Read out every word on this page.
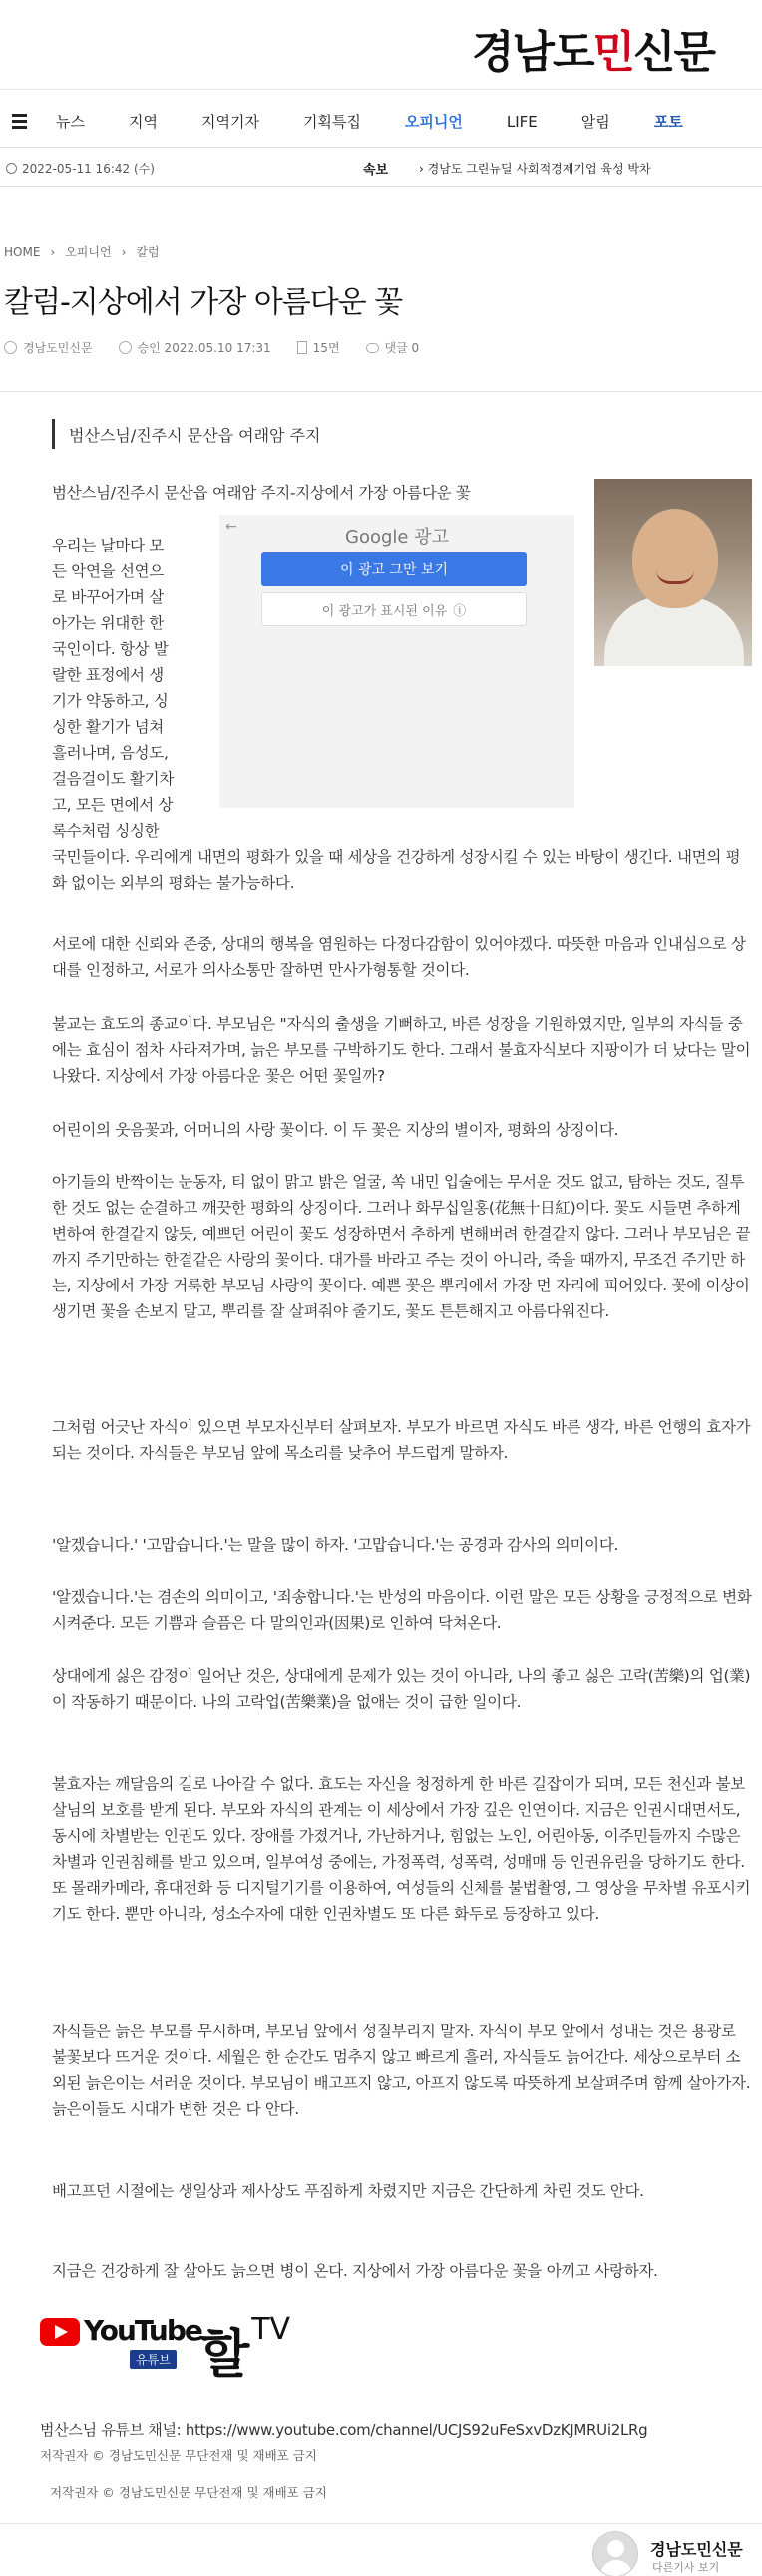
경남도민신문
뉴스	지역	지역기자	기획특집	오피니언	LIFE	알림	포토
2022-05-11 16:42 (수)	속보	› 경남도 그린뉴딜 사회적경제기업 육성 박차
HOME › 오피니언 › 칼럼
칼럼-지상에서 가장 아름다운 꽃
경남도민신문	승인 2022.05.10 17:31	15면	댓글 0
범산스님/진주시 문산읍 여래암 주지
범산스님/진주시 문산읍 여래암 주지-지상에서 가장 아름다운 꽃
우리는 날마다 모
든 악연을 선연으
로 바꾸어가며 살
아가는 위대한 한
국인이다. 항상 발
랄한 표정에서 생
기가 약동하고, 싱
싱한 활기가 넘쳐
흘러나며, 음성도,
걸음걸이도 활기차
고, 모든 면에서 상
록수처럼 싱싱한
←	Google 광고
이 광고 그만 보기
이 광고가 표시된 이유 ⓘ
국민들이다. 우리에게 내면의 평화가 있을 때 세상을 건강하게 성장시킬 수 있는 바탕이 생긴다. 내면의 평화 없이는 외부의 평화는 불가능하다.
서로에 대한 신뢰와 존중, 상대의 행복을 염원하는 다정다감함이 있어야겠다. 따뜻한 마음과 인내심으로 상대를 인정하고, 서로가 의사소통만 잘하면 만사가형통할 것이다.
불교는 효도의 종교이다. 부모님은 "자식의 출생을 기뻐하고, 바른 성장을 기원하였지만, 일부의 자식들 중에는 효심이 점차 사라져가며, 늙은 부모를 구박하기도 한다. 그래서 불효자식보다 지팡이가 더 났다는 말이 나왔다. 지상에서 가장 아름다운 꽃은 어떤 꽃일까?
어린이의 웃음꽃과, 어머니의 사랑 꽃이다. 이 두 꽃은 지상의 별이자, 평화의 상징이다.
아기들의 반짝이는 눈동자, 티 없이 맑고 밝은 얼굴, 쏙 내민 입술에는 무서운 것도 없고, 탐하는 것도, 질투한 것도 없는 순결하고 깨끗한 평화의 상징이다. 그러나 화무십일홍(花無十日紅)이다. 꽃도 시들면 추하게 변하여 한결같지 않듯, 예쁘던 어린이 꽃도 성장하면서 추하게 변해버려 한결같지 않다. 그러나 부모님은 끝까지 주기만하는 한결같은 사랑의 꽃이다. 대가를 바라고 주는 것이 아니라, 죽을 때까지, 무조건 주기만 하는, 지상에서 가장 거룩한 부모님 사랑의 꽃이다. 예쁜 꽃은 뿌리에서 가장 먼 자리에 피어있다. 꽃에 이상이 생기면 꽃을 손보지 말고, 뿌리를 잘 살펴줘야 줄기도, 꽃도 튼튼해지고 아름다워진다.
그처럼 어긋난 자식이 있으면 부모자신부터 살펴보자. 부모가 바르면 자식도 바른 생각, 바른 언행의 효자가 되는 것이다. 자식들은 부모님 앞에 목소리를 낮추어 부드럽게 말하자.
'알겠습니다.' '고맙습니다.'는 말을 많이 하자. '고맙습니다.'는 공경과 감사의 의미이다.
'알겠습니다.'는 겸손의 의미이고, '죄송합니다.'는 반성의 마음이다. 이런 말은 모든 상황을 긍정적으로 변화시켜준다. 모든 기쁨과 슬픔은 다 말의인과(因果)로 인하여 닥쳐온다.
상대에게 싫은 감정이 일어난 것은, 상대에게 문제가 있는 것이 아니라, 나의 좋고 싫은 고락(苦樂)의 업(業)이 작동하기 때문이다. 나의 고락업(苦樂業)을 없애는 것이 급한 일이다.
불효자는 깨달음의 길로 나아갈 수 없다. 효도는 자신을 청정하게 한 바른 길잡이가 되며, 모든 천신과 불보살님의 보호를 받게 된다. 부모와 자식의 관계는 이 세상에서 가장 깊은 인연이다. 지금은 인권시대면서도, 동시에 차별받는 인권도 있다. 장애를 가졌거나, 가난하거나, 힘없는 노인, 어린아동, 이주민들까지 수많은 차별과 인권침해를 받고 있으며, 일부여성 중에는, 가정폭력, 성폭력, 성매매 등 인권유린을 당하기도 한다. 또 몰래카메라, 휴대전화 등 디지털기기를 이용하여, 여성들의 신체를 불법촬영, 그 영상을 무차별 유포시키기도 한다. 뿐만 아니라, 성소수자에 대한 인권차별도 또 다른 화두로 등장하고 있다.
자식들은 늙은 부모를 무시하며, 부모님 앞에서 성질부리지 말자. 자식이 부모 앞에서 성내는 것은 용광로 불꽃보다 뜨거운 것이다. 세월은 한 순간도 멈추지 않고 빠르게 흘러, 자식들도 늙어간다. 세상으로부터 소외된 늙은이는 서러운 것이다. 부모님이 배고프지 않고, 아프지 않도록 따뜻하게 보살펴주며 함께 살아가자. 늙은이들도 시대가 변한 것은 다 안다.
배고프던 시절에는 생일상과 제사상도 푸짐하게 차렸지만 지금은 간단하게 차린 것도 안다.
지금은 건강하게 잘 살아도 늙으면 병이 온다. 지상에서 가장 아름다운 꽃을 아끼고 사랑하자.
YouTube
유튜브 할$^{TV}$
범산스님 유튜브 채널: https://www.youtube.com/channel/UCJS92uFeSxvDzKJMRUi2LRg
저작권자 © 경남도민신문 무단전재 및 재배포 금지
저작권자 © 경남도민신문 무단전재 및 재배포 금지
경남도민신문
다른기사 보기
